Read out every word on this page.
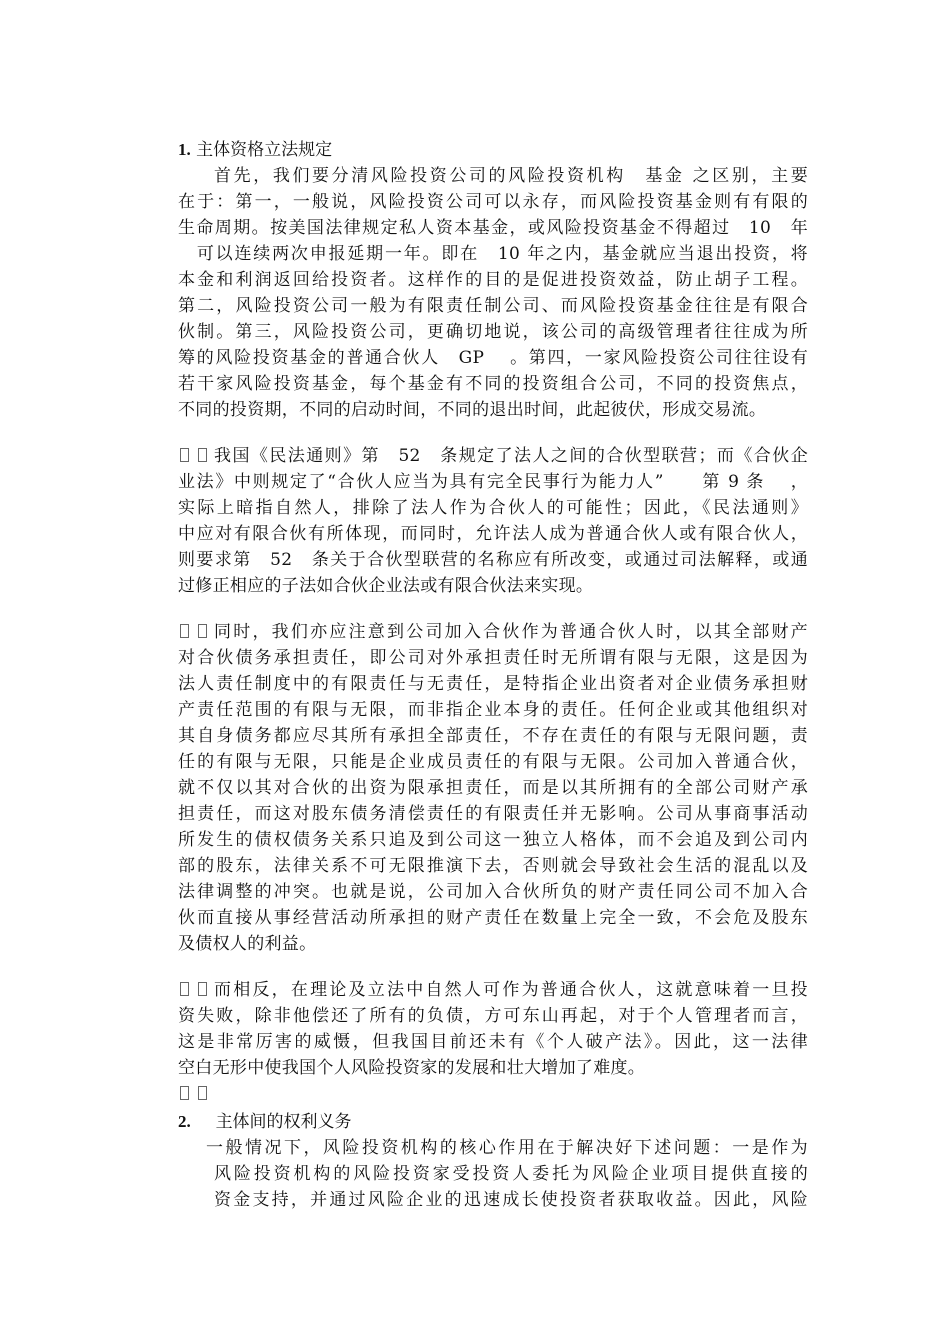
1. 主体资格立法规定
首先，我们要分清风险投资公司的风险投资机构　基金 之区别，主要
在于：第一，一般说，风险投资公司可以永存，而风险投资基金则有有限的
生命周期。按美国法律规定私人资本基金，或风险投资基金不得超过　10　年
　可以连续两次申报延期一年。即在　10 年之内，基金就应当退出投资，将
本金和利润返回给投资者。这样作的目的是促进投资效益，防止胡子工程。
第二，风险投资公司一般为有限责任制公司、而风险投资基金往往是有限合
伙制。第三，风险投资公司，更确切地说，该公司的高级管理者往往成为所
筹的风险投资基金的普通合伙人　GP 　。第四，一家风险投资公司往往设有
若干家风险投资基金，每个基金有不同的投资组合公司，不同的投资焦点，
不同的投资期，不同的启动时间，不同的退出时间，此起彼伏，形成交易流。

我国《民法通则》第　52　条规定了法人之间的合伙型联营；而《合伙企
业法》中则规定了“合伙人应当为具有完全民事行为能力人”　　第 9 条 　，
实际上暗指自然人，排除了法人作为合伙人的可能性；因此，《民法通则》
中应对有限合伙有所体现，而同时，允许法人成为普通合伙人或有限合伙人，
则要求第　52　条关于合伙型联营的名称应有所改变，或通过司法解释，或通
过修正相应的子法如合伙企业法或有限合伙法来实现。

同时，我们亦应注意到公司加入合伙作为普通合伙人时，以其全部财产
对合伙债务承担责任，即公司对外承担责任时无所谓有限与无限，这是因为
法人责任制度中的有限责任与无责任，是特指企业出资者对企业债务承担财
产责任范围的有限与无限，而非指企业本身的责任。任何企业或其他组织对
其自身债务都应尽其所有承担全部责任，不存在责任的有限与无限问题，责
任的有限与无限，只能是企业成员责任的有限与无限。公司加入普通合伙，
就不仅以其对合伙的出资为限承担责任，而是以其所拥有的全部公司财产承
担责任，而这对股东债务清偿责任的有限责任并无影响。公司从事商事活动
所发生的债权债务关系只追及到公司这一独立人格体，而不会追及到公司内
部的股东，法律关系不可无限推演下去，否则就会导致社会生活的混乱以及
法律调整的冲突。也就是说，公司加入合伙所负的财产责任同公司不加入合
伙而直接从事经营活动所承担的财产责任在数量上完全一致，不会危及股东
及债权人的利益。

而相反，在理论及立法中自然人可作为普通合伙人，这就意味着一旦投
资失败，除非他偿还了所有的负债，方可东山再起，对于个人管理者而言，
这是非常厉害的威慑，但我国目前还未有《个人破产法》。因此，这一法律
空白无形中使我国个人风险投资家的发展和壮大增加了难度。

2. 主体间的权利义务
一般情况下，风险投资机构的核心作用在于解决好下述问题：一是作为
风险投资机构的风险投资家受投资人委托为风险企业项目提供直接的
资金支持，并通过风险企业的迅速成长使投资者获取收益。因此，风险
